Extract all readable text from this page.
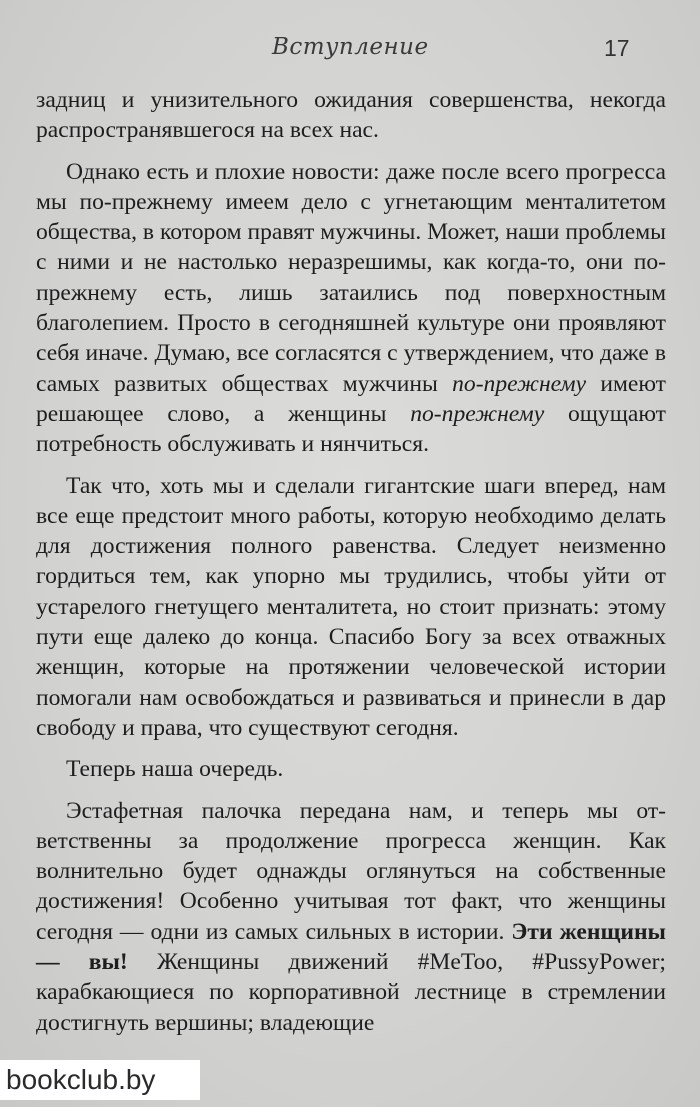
Вступление	17

задниц и унизительного ожидания совершенства, некогда распространявшегося на всех нас.

Однако есть и плохие новости: даже после всего прогресса мы по-прежнему имеем дело с угнетающим менталитетом общества, в котором правят мужчины. Может, наши проблемы с ними и не настолько неразрешимы, как когда-то, они по-прежнему есть, лишь затаились под поверхностным благолепием. Просто в сегодняшней культуре они проявляют себя иначе. Думаю, все согласятся с утверждением, что даже в самых развитых обществах мужчины по-прежнему имеют решающее слово, а женщины по-прежнему ощущают потребность обслуживать и нянчиться.

Так что, хоть мы и сделали гигантские шаги вперед, нам все еще предстоит много работы, которую необходимо делать для достижения полного равенства. Следует неизменно гордиться тем, как упорно мы трудились, чтобы уйти от устарелого гнетущего менталитета, но стоит признать: этому пути еще далеко до конца. Спасибо Богу за всех отважных женщин, которые на протяжении человеческой истории помогали нам освобождаться и развиваться и принесли в дар свободу и права, что существуют сегодня.

Теперь наша очередь.

Эстафетная палочка передана нам, и теперь мы ответственны за продолжение прогресса женщин. Как волнительно будет однажды оглянуться на собственные достижения! Особенно учитывая тот факт, что женщины сегодня — одни из самых сильных в истории. Эти женщины — вы! Женщины движений #MeToo, #PussyPower; карабкающиеся по корпоративной лестнице в стремлении достигнуть вершины; владеющие

bookclub.by
